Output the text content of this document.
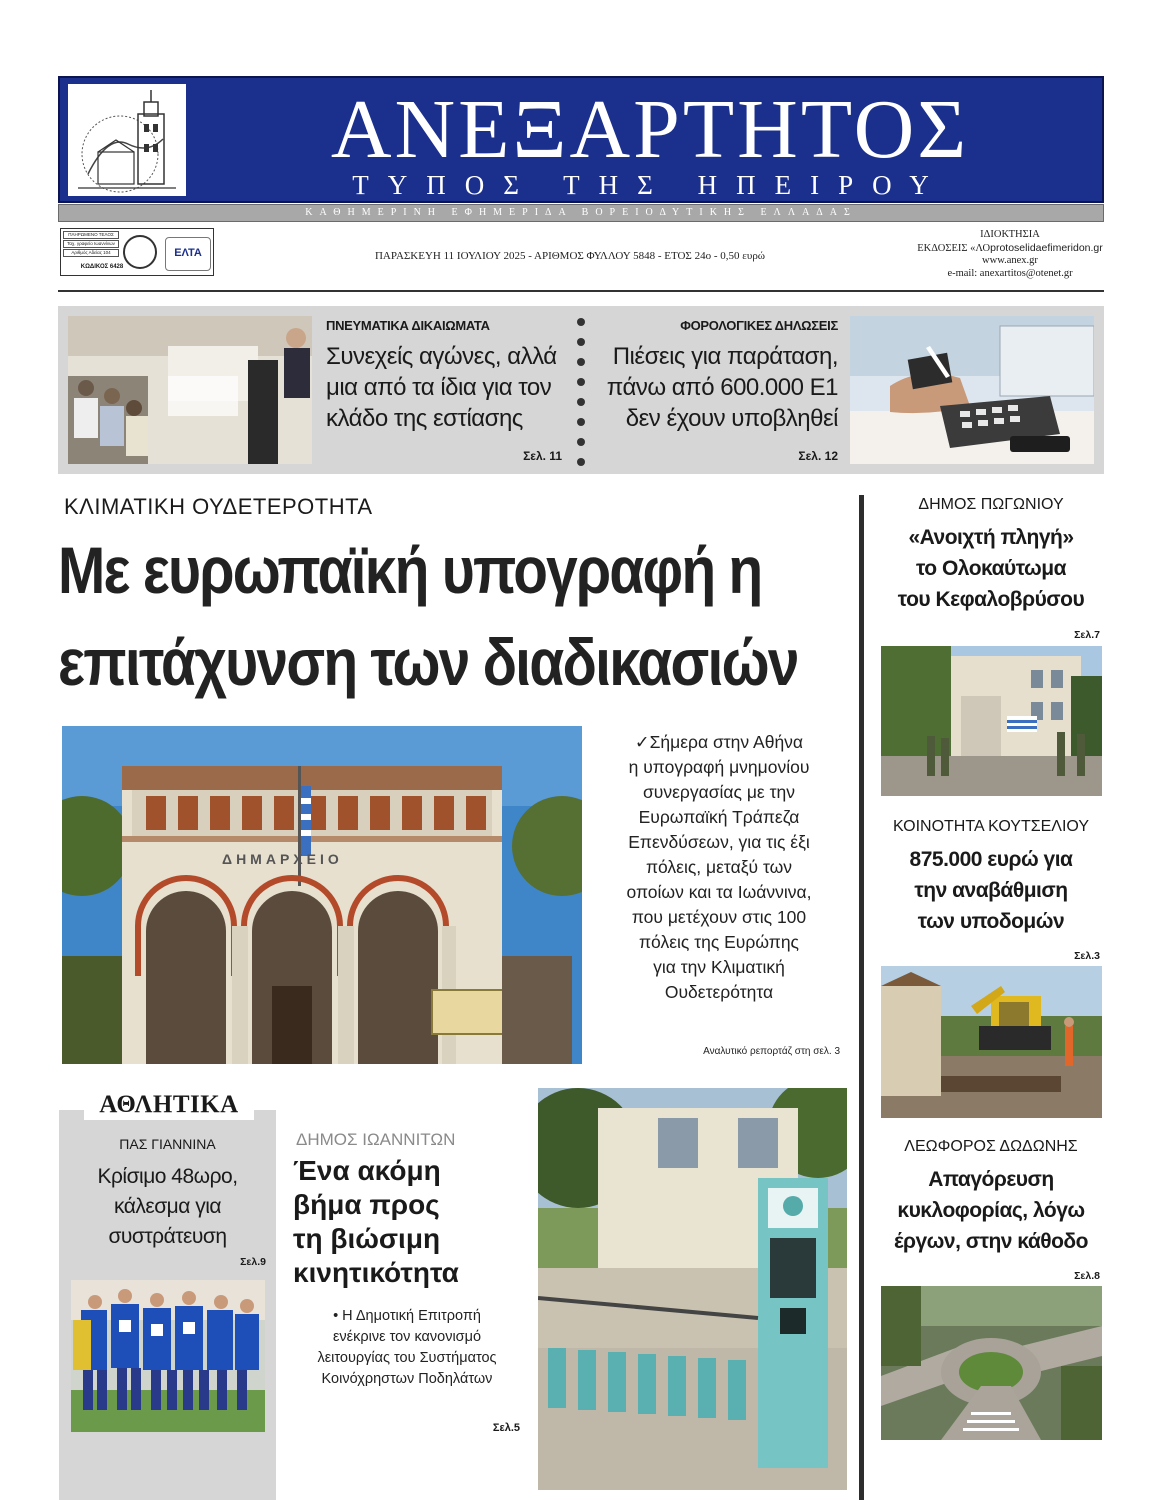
ΑΝΕΞΑΡΤΗΤΟΣ
ΤΥΠΟΣ ΤΗΣ ΗΠΕΙΡΟΥ
ΚΑΘΗΜΕΡΙΝΗ ΕΦΗΜΕΡΙΔΑ ΒΟΡΕΙΟΔΥΤΙΚΗΣ ΕΛΛΑΔΑΣ
ΠΛΗΡΩΜΕΝΟ ΤΕΛΟΣ
Ταχ. γραφείο Ιωαννίνων
Αριθμός Αδείας 104	ΕΛΤΑ
ΚΩΔΙΚΟΣ 6428
ΠΑΡΑΣΚΕΥΗ 11 ΙΟΥΛΙΟΥ 2025 - ΑΡΙΘΜΟΣ ΦΥΛΛΟΥ 5848 - ΕΤΟΣ 24ο - 0,50 ευρώ
ΙΔΙΟΚΤΗΣΙΑ
ΕΚΔΟΣΕΙΣ «ΛΟprotoselidaefimeridon.gr
www.anex.gr
e-mail: anexartitos@otenet.gr
ΠΝΕΥΜΑΤΙΚΑ ΔΙΚΑΙΩΜΑΤΑ
Συνεχείς αγώνες, αλλά
μια από τα ίδια για τον
κλάδο της εστίασης
Σελ. 11
ΦΟΡΟΛΟΓΙΚΕΣ ΔΗΛΩΣΕΙΣ
Πιέσεις για παράταση,
πάνω από 600.000 Ε1
δεν έχουν υποβληθεί
Σελ. 12
ΚΛΙΜΑΤΙΚΗ ΟΥΔΕΤΕΡΟΤΗΤΑ
Με ευρωπαϊκή υπογραφή η
επιτάχυνση των διαδικασιών
ΔΗΜΑΡΧΕΙΟ
✓Σήμερα στην Αθήνα
η υπογραφή μνημονίου
συνεργασίας με την
Ευρωπαϊκή Τράπεζα
Επενδύσεων, για τις έξι
πόλεις, μεταξύ των
οποίων και τα Ιωάννινα,
που μετέχουν στις 100
πόλεις της Ευρώπης
για την Κλιματική
Ουδετερότητα
Αναλυτικό ρεπορτάζ στη σελ. 3
ΔΗΜΟΣ ΠΩΓΩΝΙΟΥ
«Ανοιχτή πληγή»
το Ολοκαύτωμα
του Κεφαλοβρύσου
Σελ.7
ΚΟΙΝΟΤΗΤΑ ΚΟΥΤΣΕΛΙΟΥ
875.000 ευρώ για
την αναβάθμιση
των υποδομών
Σελ.3
ΛΕΩΦΟΡΟΣ ΔΩΔΩΝΗΣ
Απαγόρευση
κυκλοφορίας, λόγω
έργων, στην κάθοδο
Σελ.8
ΑΘΛΗΤΙΚΑ
ΠΑΣ ΓΙΑΝΝΙΝΑ
Κρίσιμο 48ωρο,
κάλεσμα για
συστράτευση
Σελ.9
ΔΗΜΟΣ ΙΩΑΝΝΙΤΩΝ
Ένα ακόμη
βήμα προς
τη βιώσιμη
κινητικότητα
• Η Δημοτική Επιτροπή
ενέκρινε τον κανονισμό
λειτουργίας του Συστήματος
Κοινόχρηστων Ποδηλάτων
Σελ.5
